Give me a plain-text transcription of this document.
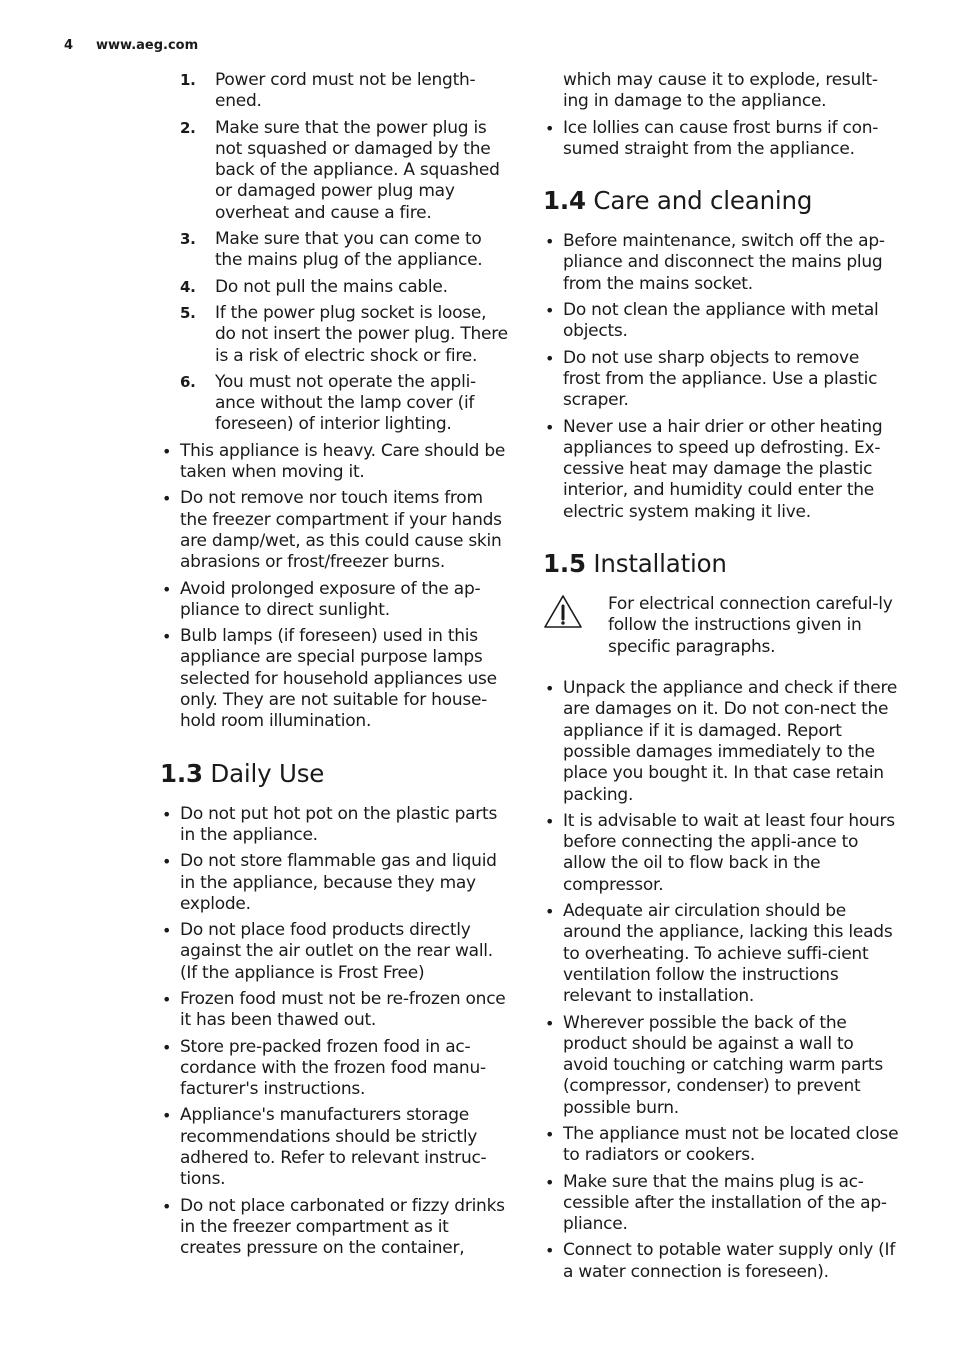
4 www.aeg.com
1. Power cord must not be length-ened.
2. Make sure that the power plug is not squashed or damaged by the back of the appliance. A squashed or damaged power plug may overheat and cause a fire.
3. Make sure that you can come to the mains plug of the appliance.
4. Do not pull the mains cable.
5. If the power plug socket is loose, do not insert the power plug. There is a risk of electric shock or fire.
6. You must not operate the appli-ance without the lamp cover (if foreseen) of interior lighting.
• This appliance is heavy. Care should be taken when moving it.
• Do not remove nor touch items from the freezer compartment if your hands are damp/wet, as this could cause skin abrasions or frost/freezer burns.
• Avoid prolonged exposure of the ap-pliance to direct sunlight.
• Bulb lamps (if foreseen) used in this appliance are special purpose lamps selected for household appliances use only. They are not suitable for house-hold room illumination.
1.3 Daily Use
• Do not put hot pot on the plastic parts in the appliance.
• Do not store flammable gas and liquid in the appliance, because they may explode.
• Do not place food products directly against the air outlet on the rear wall. (If the appliance is Frost Free)
• Frozen food must not be re-frozen once it has been thawed out.
• Store pre-packed frozen food in ac-cordance with the frozen food manu-facturer's instructions.
• Appliance's manufacturers storage recommendations should be strictly adhered to. Refer to relevant instruc-tions.
• Do not place carbonated or fizzy drinks in the freezer compartment as it creates pressure on the container,
which may cause it to explode, result-ing in damage to the appliance.
• Ice lollies can cause frost burns if con-sumed straight from the appliance.
1.4 Care and cleaning
• Before maintenance, switch off the ap-pliance and disconnect the mains plug from the mains socket.
• Do not clean the appliance with metal objects.
• Do not use sharp objects to remove frost from the appliance. Use a plastic scraper.
• Never use a hair drier or other heating appliances to speed up defrosting. Ex-cessive heat may damage the plastic interior, and humidity could enter the electric system making it live.
1.5 Installation
For electrical connection careful-ly follow the instructions given in specific paragraphs.
• Unpack the appliance and check if there are damages on it. Do not con-nect the appliance if it is damaged. Report possible damages immediately to the place you bought it. In that case retain packing.
• It is advisable to wait at least four hours before connecting the appli-ance to allow the oil to flow back in the compressor.
• Adequate air circulation should be around the appliance, lacking this leads to overheating. To achieve suffi-cient ventilation follow the instructions relevant to installation.
• Wherever possible the back of the product should be against a wall to avoid touching or catching warm parts (compressor, condenser) to prevent possible burn.
• The appliance must not be located close to radiators or cookers.
• Make sure that the mains plug is ac-cessible after the installation of the ap-pliance.
• Connect to potable water supply only (If a water connection is foreseen).
